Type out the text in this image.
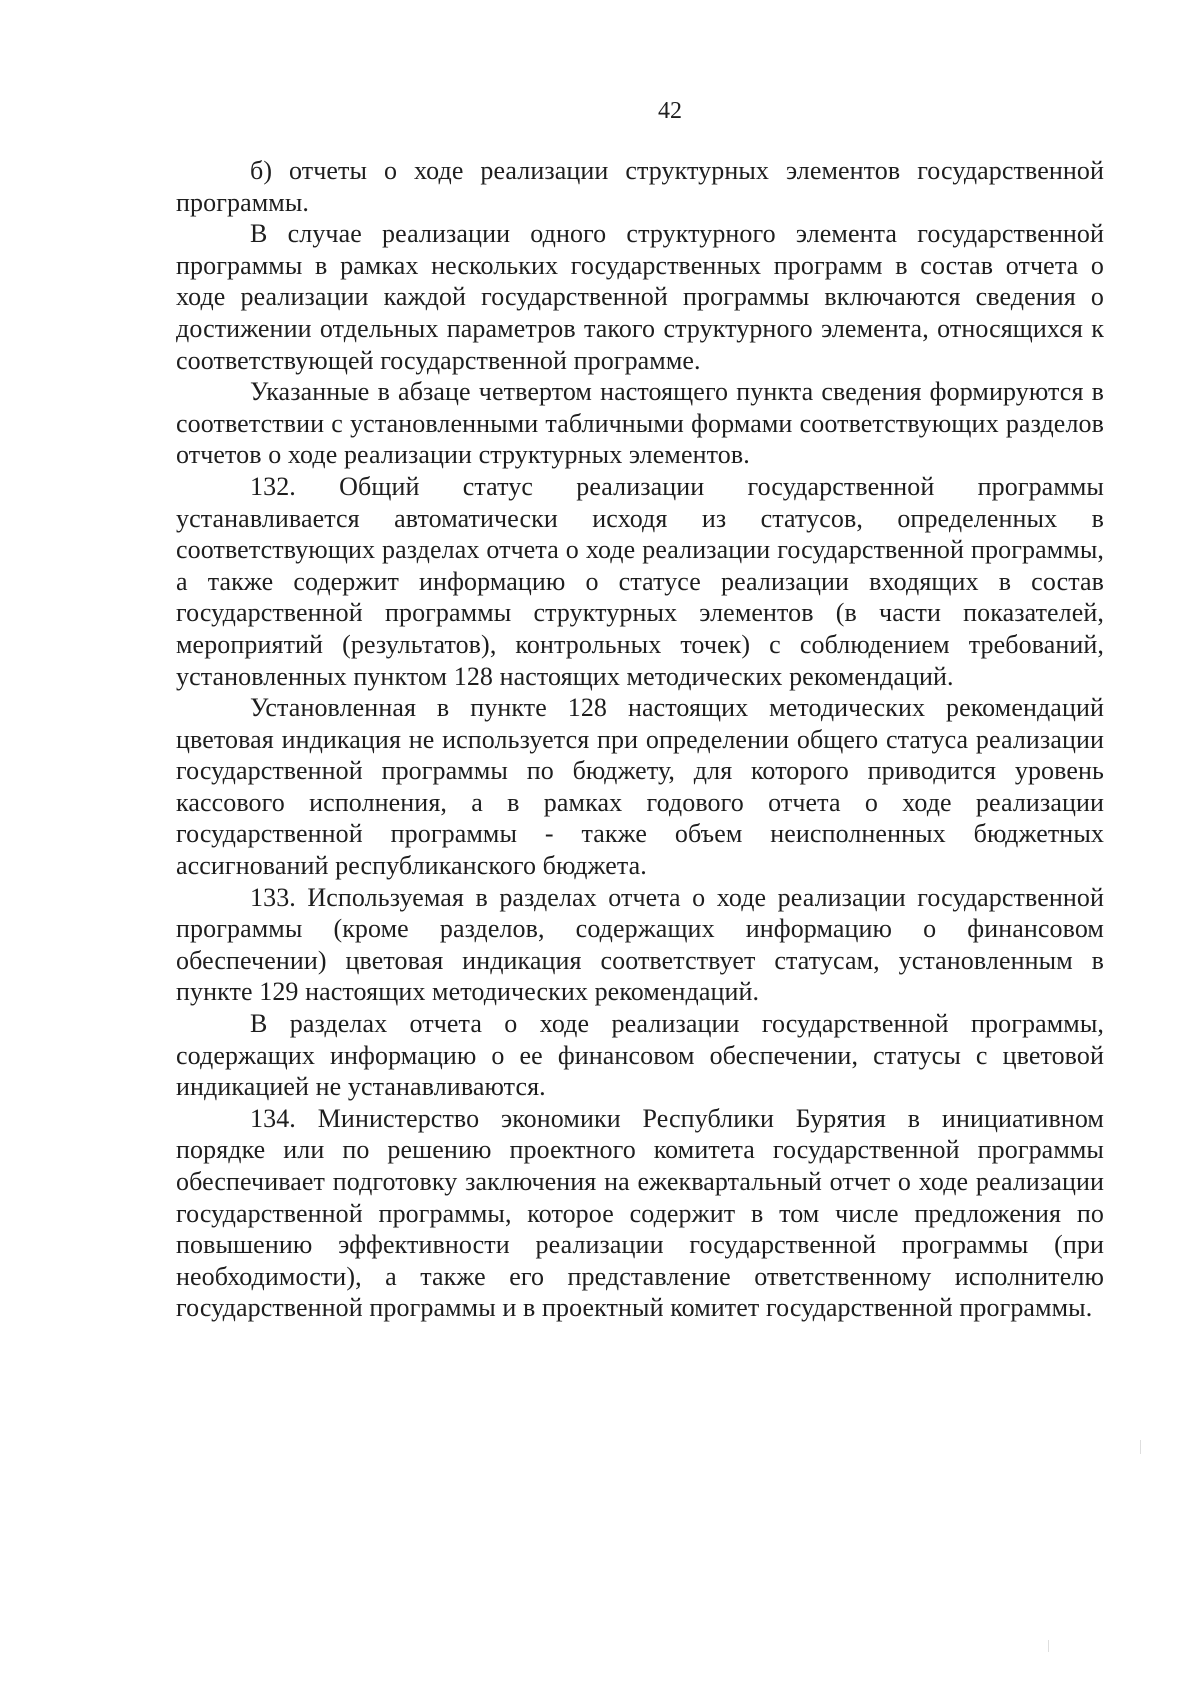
42

б) отчеты о ходе реализации структурных элементов государственной программы.

В случае реализации одного структурного элемента государственной программы в рамках нескольких государственных программ в состав отчета о ходе реализации каждой государственной программы включаются сведения о достижении отдельных параметров такого структурного элемента, относящихся к соответствующей государственной программе.

Указанные в абзаце четвертом настоящего пункта сведения формируются в соответствии с установленными табличными формами соответствующих разделов отчетов о ходе реализации структурных элементов.

132. Общий статус реализации государственной программы устанавливается автоматически исходя из статусов, определенных в соответствующих разделах отчета о ходе реализации государственной программы, а также содержит информацию о статусе реализации входящих в состав государственной программы структурных элементов (в части показателей, мероприятий (результатов), контрольных точек) с соблюдением требований, установленных пунктом 128 настоящих методических рекомендаций.

Установленная в пункте 128 настоящих методических рекомендаций цветовая индикация не используется при определении общего статуса реализации государственной программы по бюджету, для которого приводится уровень кассового исполнения, а в рамках годового отчета о ходе реализации государственной программы - также объем неисполненных бюджетных ассигнований республиканского бюджета.

133. Используемая в разделах отчета о ходе реализации государственной программы (кроме разделов, содержащих информацию о финансовом обеспечении) цветовая индикация соответствует статусам, установленным в пункте 129 настоящих методических рекомендаций.

В разделах отчета о ходе реализации государственной программы, содержащих информацию о ее финансовом обеспечении, статусы с цветовой индикацией не устанавливаются.

134. Министерство экономики Республики Бурятия в инициативном порядке или по решению проектного комитета государственной программы обеспечивает подготовку заключения на ежеквартальный отчет о ходе реализации государственной программы, которое содержит в том числе предложения по повышению эффективности реализации государственной программы (при необходимости), а также его представление ответственному исполнителю государственной программы и в проектный комитет государственной программы.
